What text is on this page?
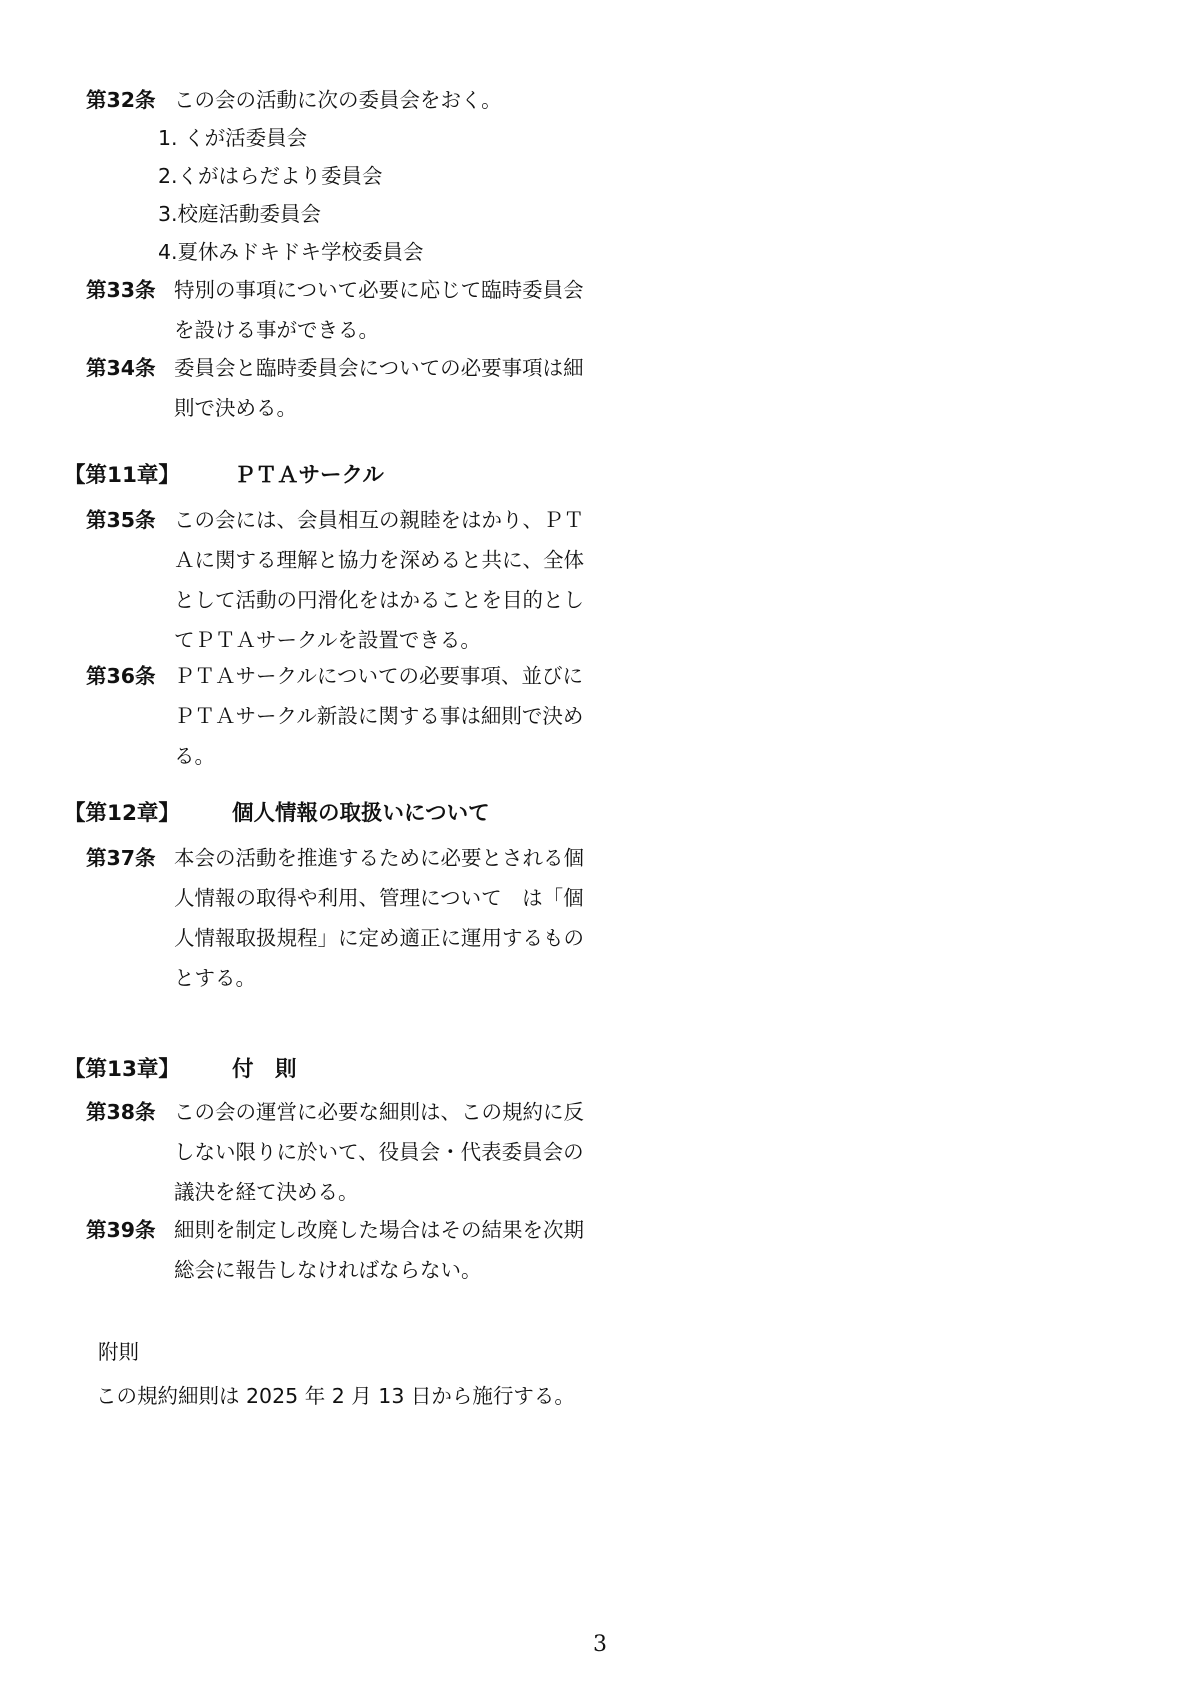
第32条 この会の活動に次の委員会をおく。
1. くが活委員会
2.くがはらだより委員会
3.校庭活動委員会
4.夏休みドキドキ学校委員会
第33条 特別の事項について必要に応じて臨時委員会
を設ける事ができる。
第34条 委員会と臨時委員会についての必要事項は細
則で決める。
【第11章】	ＰＴＡサークル
第35条 この会には、会員相互の親睦をはかり、ＰＴ
Ａに関する理解と協力を深めると共に、全体
として活動の円滑化をはかることを目的とし
てＰＴＡサークルを設置できる。
第36条 ＰＴＡサークルについての必要事項、並びに
ＰＴＡサークル新設に関する事は細則で決め
る。
【第12章】 個人情報の取扱いについて
第37条 本会の活動を推進するために必要とされる個
人情報の取得や利用、管理について　は「個
人情報取扱規程」に定め適正に運用するもの
とする。
【第13章】 付　則
第38条 この会の運営に必要な細則は、この規約に反
しない限りに於いて、役員会・代表委員会の
議決を経て決める。
第39条 細則を制定し改廃した場合はその結果を次期
総会に報告しなければならない。
附則
この規約細則は 2025 年 2 月 13 日から施行する。
3
